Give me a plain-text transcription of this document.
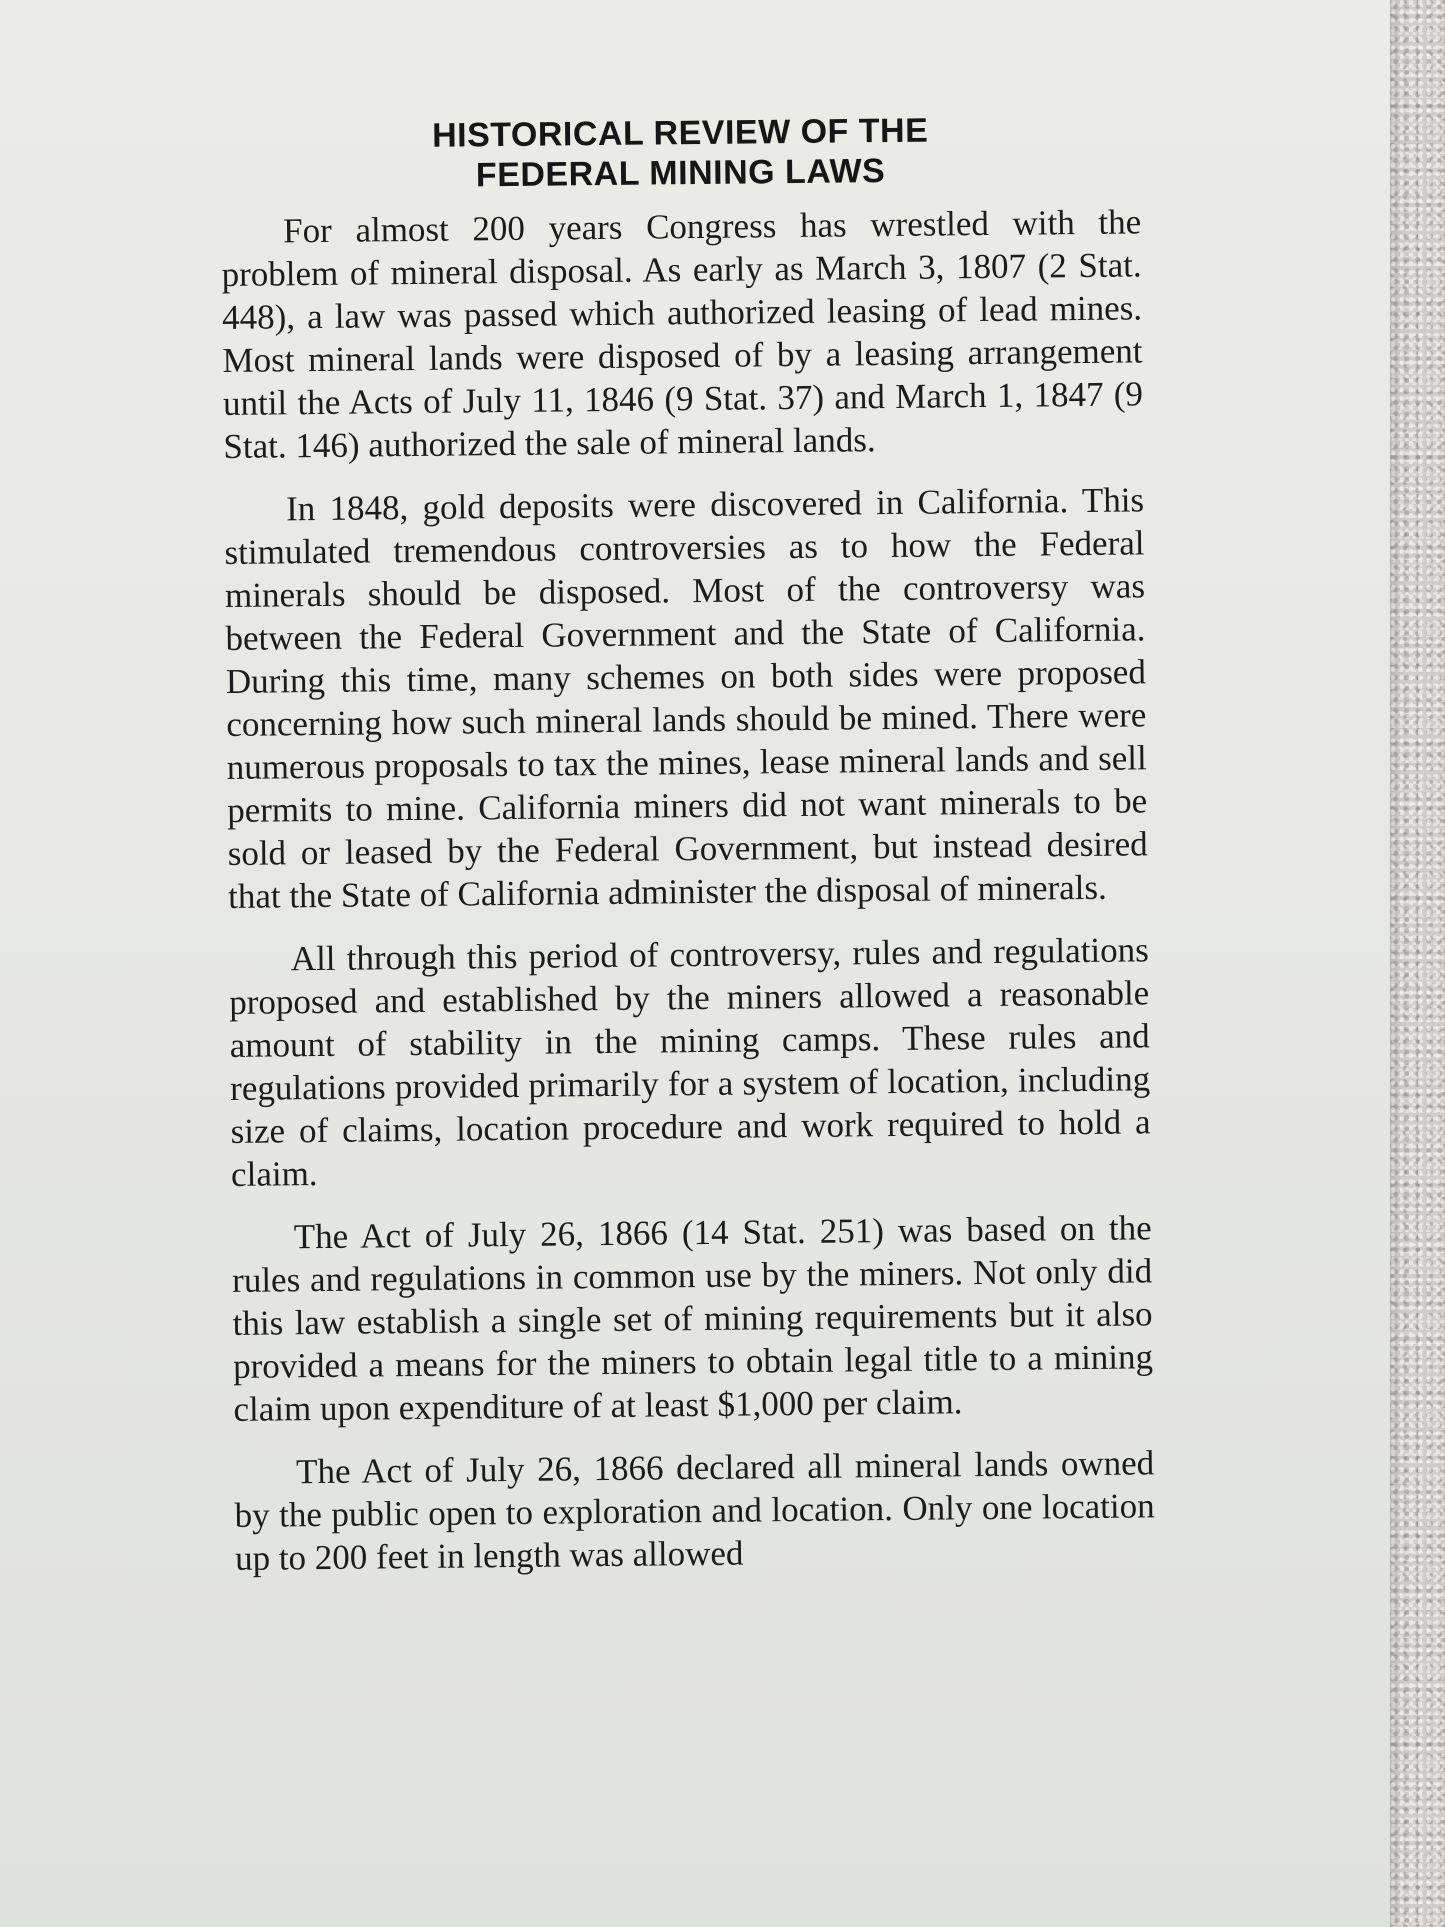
HISTORICAL REVIEW OF THE
FEDERAL MINING LAWS

For almost 200 years Congress has wrestled with the problem of mineral disposal. As early as March 3, 1807 (2 Stat. 448), a law was passed which authorized leasing of lead mines. Most mineral lands were disposed of by a leasing arrangement until the Acts of July 11, 1846 (9 Stat. 37) and March 1, 1847 (9 Stat. 146) authorized the sale of mineral lands.

In 1848, gold deposits were discovered in California. This stimulated tremendous controversies as to how the Federal minerals should be disposed. Most of the controversy was between the Federal Government and the State of California. During this time, many schemes on both sides were proposed concerning how such mineral lands should be mined. There were numerous proposals to tax the mines, lease mineral lands and sell permits to mine. California miners did not want minerals to be sold or leased by the Federal Government, but instead desired that the State of California administer the disposal of minerals.

All through this period of controversy, rules and regulations proposed and established by the miners allowed a reasonable amount of stability in the mining camps. These rules and regulations provided primarily for a system of location, including size of claims, location procedure and work required to hold a claim.

The Act of July 26, 1866 (14 Stat. 251) was based on the rules and regulations in common use by the miners. Not only did this law establish a single set of mining requirements but it also provided a means for the miners to obtain legal title to a mining claim upon expenditure of at least $1,000 per claim.

The Act of July 26, 1866 declared all mineral lands owned by the public open to exploration and location. Only one location up to 200 feet in length was allowed
